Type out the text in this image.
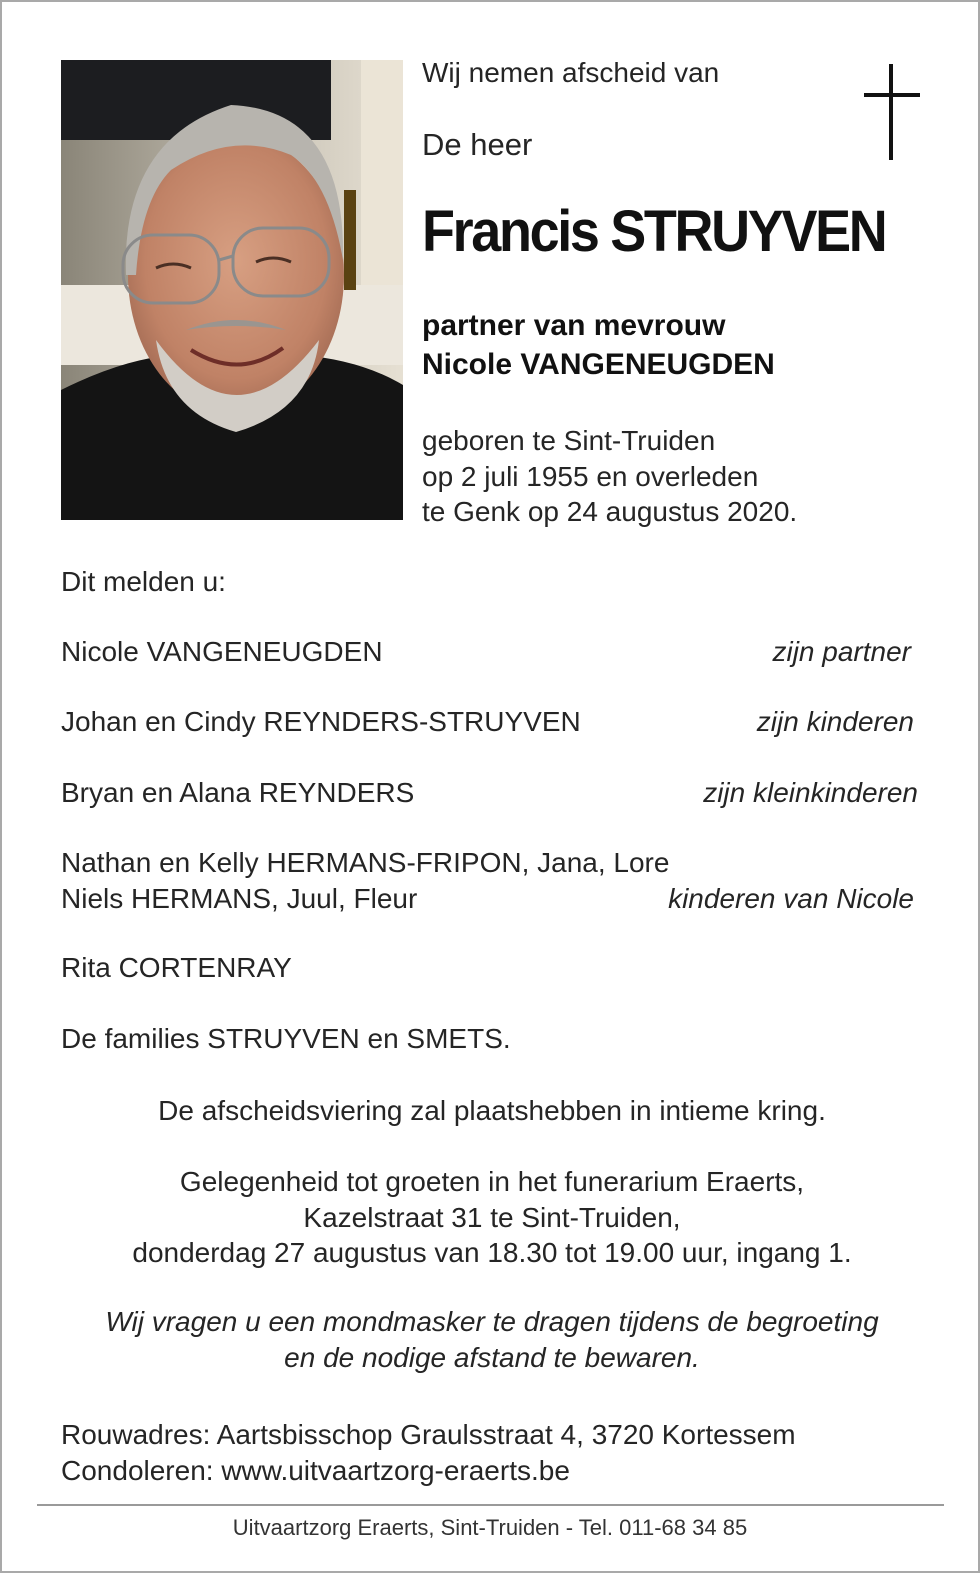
Wij nemen afscheid van
De heer
Francis STRUYVEN
partner van mevrouw
Nicole VANGENEUGDEN
geboren te Sint-Truiden
op 2 juli 1955 en overleden
te Genk op 24 augustus 2020.
Dit melden u:
Nicole VANGENEUGDEN	zijn partner
Johan en Cindy REYNDERS-STRUYVEN	zijn kinderen
Bryan en Alana REYNDERS	zijn kleinkinderen
Nathan en Kelly HERMANS-FRIPON, Jana, Lore
Niels HERMANS, Juul, Fleur	kinderen van Nicole
Rita CORTENRAY
De families STRUYVEN en SMETS.
De afscheidsviering zal plaatshebben in intieme kring.
Gelegenheid tot groeten in het funerarium Eraerts,
Kazelstraat 31 te Sint-Truiden,
donderdag 27 augustus van 18.30 tot 19.00 uur, ingang 1.
Wij vragen u een mondmasker te dragen tijdens de begroeting
en de nodige afstand te bewaren.
Rouwadres: Aartsbisschop Graulsstraat 4, 3720 Kortessem
Condoleren: www.uitvaartzorg-eraerts.be
Uitvaartzorg Eraerts, Sint-Truiden - Tel. 011-68 34 85
